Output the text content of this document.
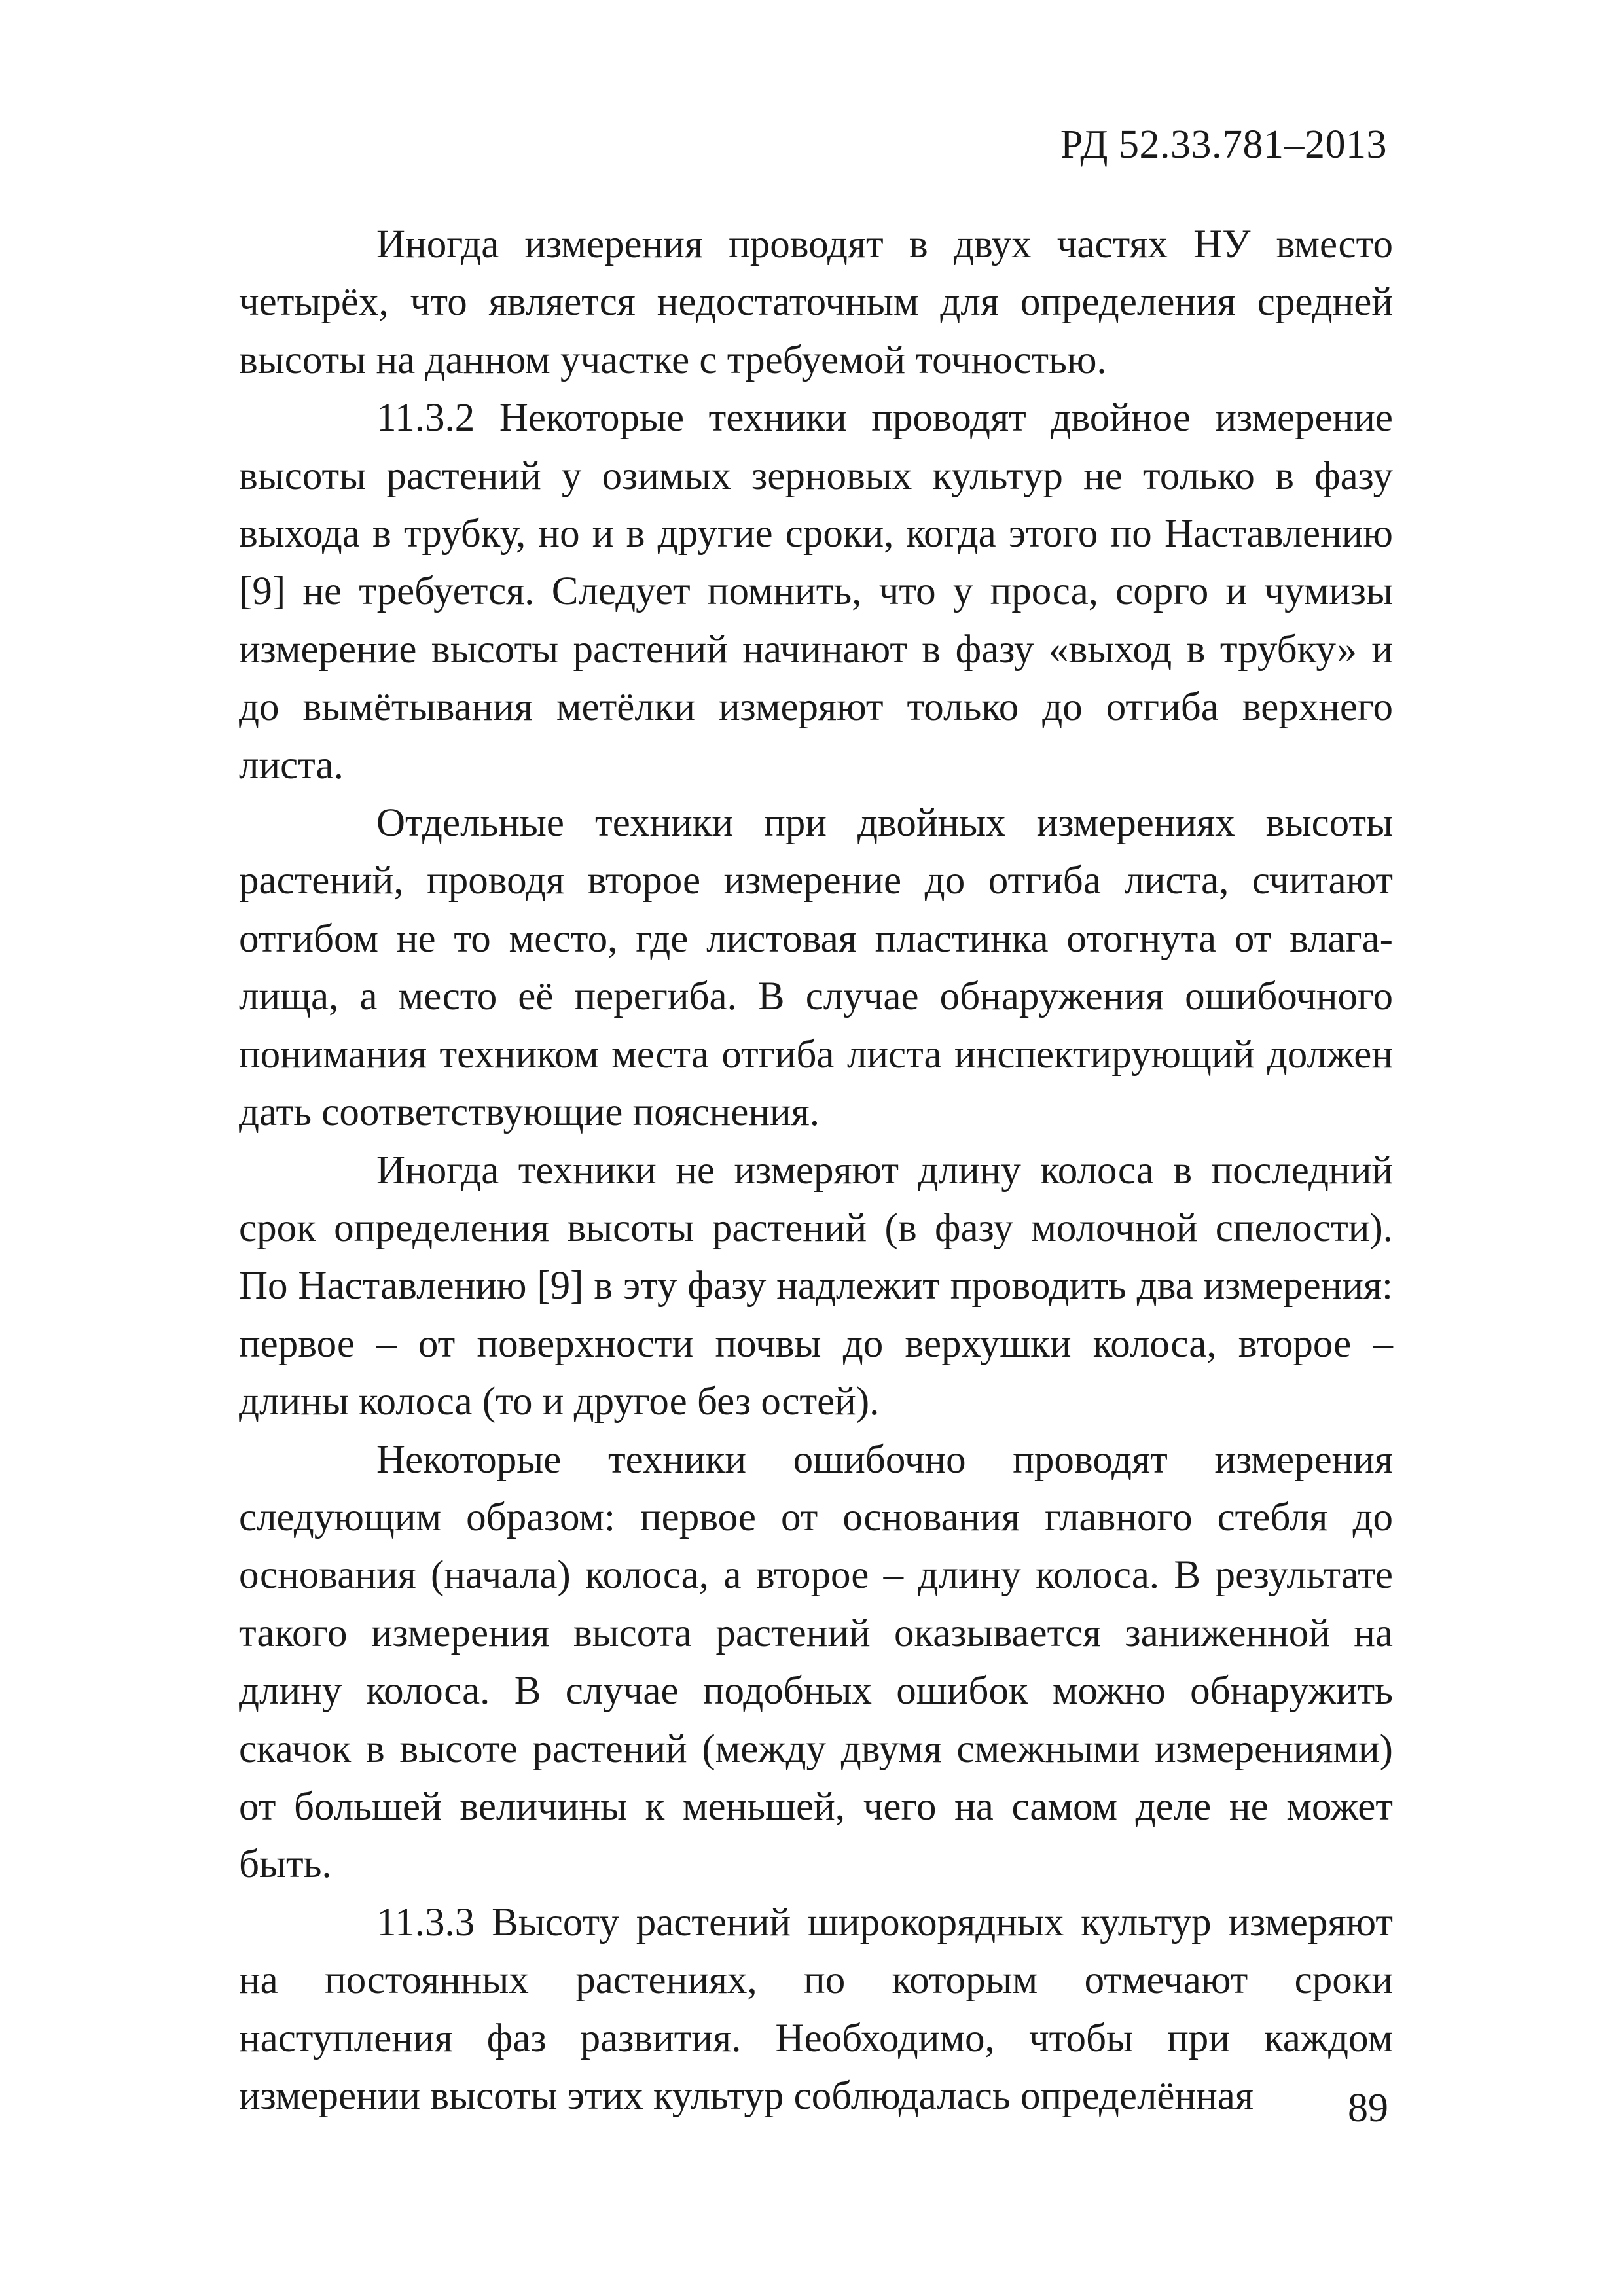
РД 52.33.781–2013

Иногда измерения проводят в двух частях НУ вместо четырёх, что является недостаточным для определения средней высоты на данном участке с требуемой точностью.

11.3.2 Некоторые техники проводят двойное измерение высоты растений у озимых зерновых культур не только в фазу выхода в трубку, но и в другие сроки, когда этого по Наставлению [9] не требуется. Следует помнить, что у проса, сорго и чумизы измерение высоты растений начинают в фазу «выход в трубку» и до вымётывания метёлки измеряют только до отгиба верхнего листа.

Отдельные техники при двойных измерениях высоты растений, проводя второе измерение до отгиба листа, считают отгибом не то место, где листовая пластинка отогнута от влагалища, а место её перегиба. В случае обнаружения ошибочного понимания техником места отгиба листа инспектирующий должен дать соответствующие пояснения.

Иногда техники не измеряют длину колоса в последний срок определения высоты растений (в фазу молочной спелости). По Наставлению [9] в эту фазу надлежит проводить два измерения: первое – от поверхности почвы до верхушки колоса, второе – длины колоса (то и другое без остей).

Некоторые техники ошибочно проводят измерения следующим образом: первое от основания главного стебля до основания (начала) колоса, а второе – длину колоса. В результате такого измерения высота растений оказывается заниженной на длину колоса. В случае подобных ошибок можно обнаружить скачок в высоте растений (между двумя смежными измерениями) от большей величины к меньшей, чего на самом деле не может быть.

11.3.3 Высоту растений широкорядных культур измеряют на постоянных растениях, по которым отмечают сроки наступления фаз развития. Необходимо, чтобы при каждом измерении высоты этих культур соблюдалась определённая	89
